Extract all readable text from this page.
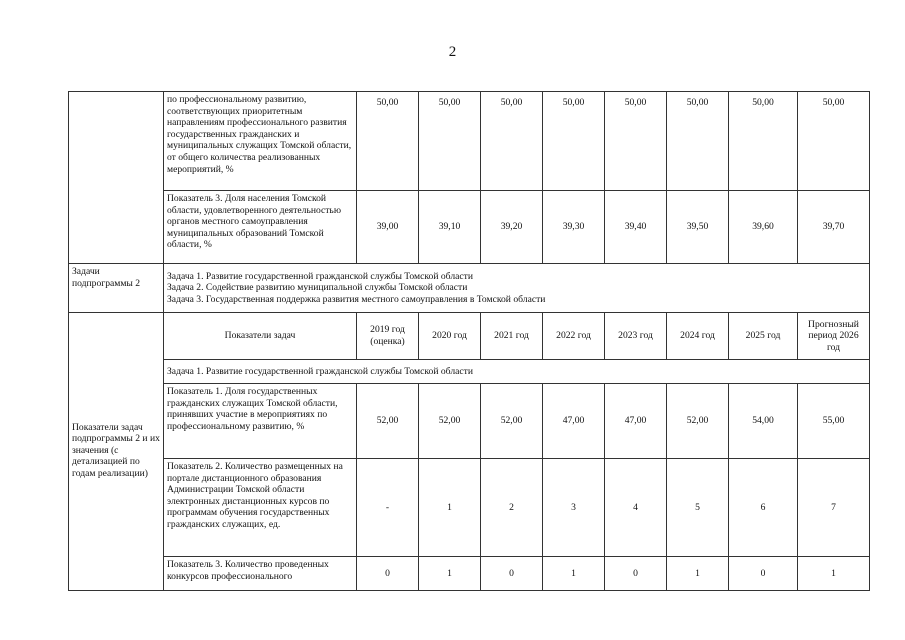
2
	по профессиональному развитию, соответствующих приоритетным направлениям профессионального развития государственных гражданских и муниципальных служащих Томской области, от общего количества реализованных мероприятий, %	50,00	50,00	50,00	50,00	50,00	50,00	50,00	50,00
	Показатель 3. Доля населения Томской области, удовлетворенного деятельностью органов местного самоуправления муниципальных образований Томской области, %	39,00	39,10	39,20	39,30	39,40	39,50	39,60	39,70
Задачи подпрограммы 2	Задача 1. Развитие государственной гражданской службы Томской области
Задача 2. Содействие развитию муниципальной службы Томской области
Задача 3. Государственная поддержка развития местного самоуправления в Томской области								

Показатели задач подпрограммы 2 и их значения (с детализацией по годам реализации)	Показатели задач	2019 год (оценка)	2020 год	2021 год	2022 год	2023 год	2024 год	2025 год	Прогнозный период 2026 год
	Задача 1. Развитие государственной гражданской службы Томской области								
	Показатель 1. Доля государственных гражданских служащих Томской области, принявших участие в мероприятиях по профессиональному развитию, %	52,00	52,00	52,00	47,00	47,00	52,00	54,00	55,00
	Показатель 2. Количество размещенных на портале дистанционного образования Администрации Томской области электронных дистанционных курсов по программам обучения государственных гражданских служащих, ед.	-	1	2	3	4	5	6	7
	Показатель 3. Количество проведенных конкурсов профессионального	0	1	0	1	0	1	0	1
